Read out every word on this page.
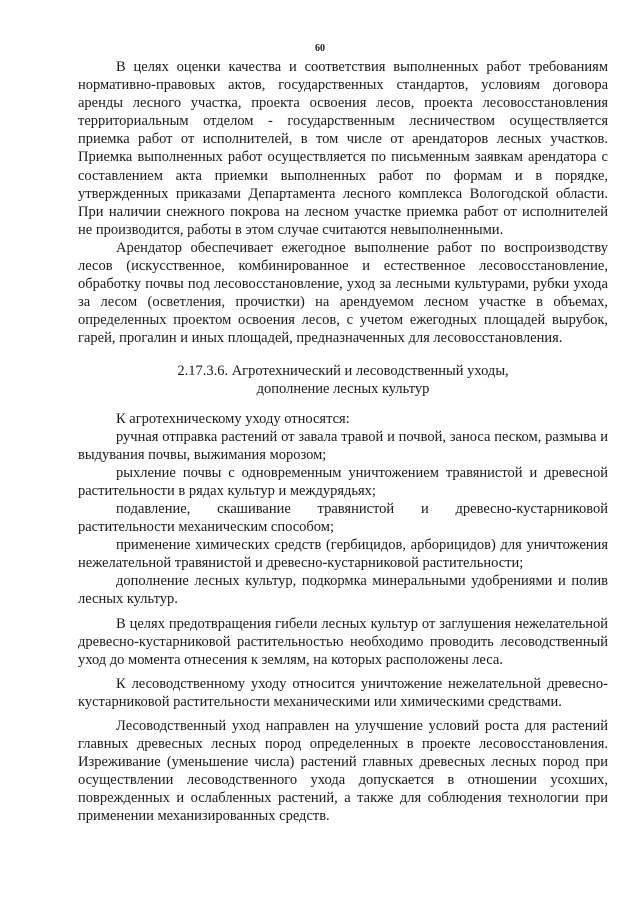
60

В целях оценки качества и соответствия выполненных работ требованиям нормативно-правовых актов, государственных стандартов, условиям договора аренды лесного участка, проекта освоения лесов, проекта лесовосстановления территориальным отделом - государственным лесничеством осуществляется приемка работ от исполнителей, в том числе от арендаторов лесных участков. Приемка выполненных работ осуществляется по письменным заявкам арендатора с составлением акта приемки выполненных работ по формам и в порядке, утвержденных приказами Департамента лесного комплекса Вологодской области. При наличии снежного покрова на лесном участке приемка работ от исполнителей не производится, работы в этом случае считаются невыполненными.

Арендатор обеспечивает ежегодное выполнение работ по воспроизводству лесов (искусственное, комбинированное и естественное лесовосстановление, обработку почвы под лесовосстановление, уход за лесными культурами, рубки ухода за лесом (осветления, прочистки) на арендуемом лесном участке в объемах, определенных проектом освоения лесов, с учетом ежегодных площадей вырубок, гарей, прогалин и иных площадей, предназначенных для лесовосстановления.

2.17.3.6. Агротехнический и лесоводственный уходы,
дополнение лесных культур

К агротехническому уходу относятся:

ручная отправка растений от завала травой и почвой, заноса песком, размыва и выдувания почвы, выжимания морозом;

рыхление почвы с одновременным уничтожением травянистой и древесной растительности в рядах культур и междурядьях;

подавление, скашивание травянистой и древесно-кустарниковой растительности механическим способом;

применение химических средств (гербицидов, арборицидов) для уничтожения нежелательной травянистой и древесно-кустарниковой растительности;

дополнение лесных культур, подкормка минеральными удобрениями и полив лесных культур.

В целях предотвращения гибели лесных культур от заглушения нежелательной древесно-кустарниковой растительностью необходимо проводить лесоводственный уход до момента отнесения к землям, на которых расположены леса.

К лесоводственному уходу относится уничтожение нежелательной древесно-кустарниковой растительности механическими или химическими средствами.

Лесоводственный уход направлен на улучшение условий роста для растений главных древесных лесных пород определенных в проекте лесовосстановления. Изреживание (уменьшение числа) растений главных древесных лесных пород при осуществлении лесоводственного ухода допускается в отношении усохших, поврежденных и ослабленных растений, а также для соблюдения технологии при применении механизированных средств.
